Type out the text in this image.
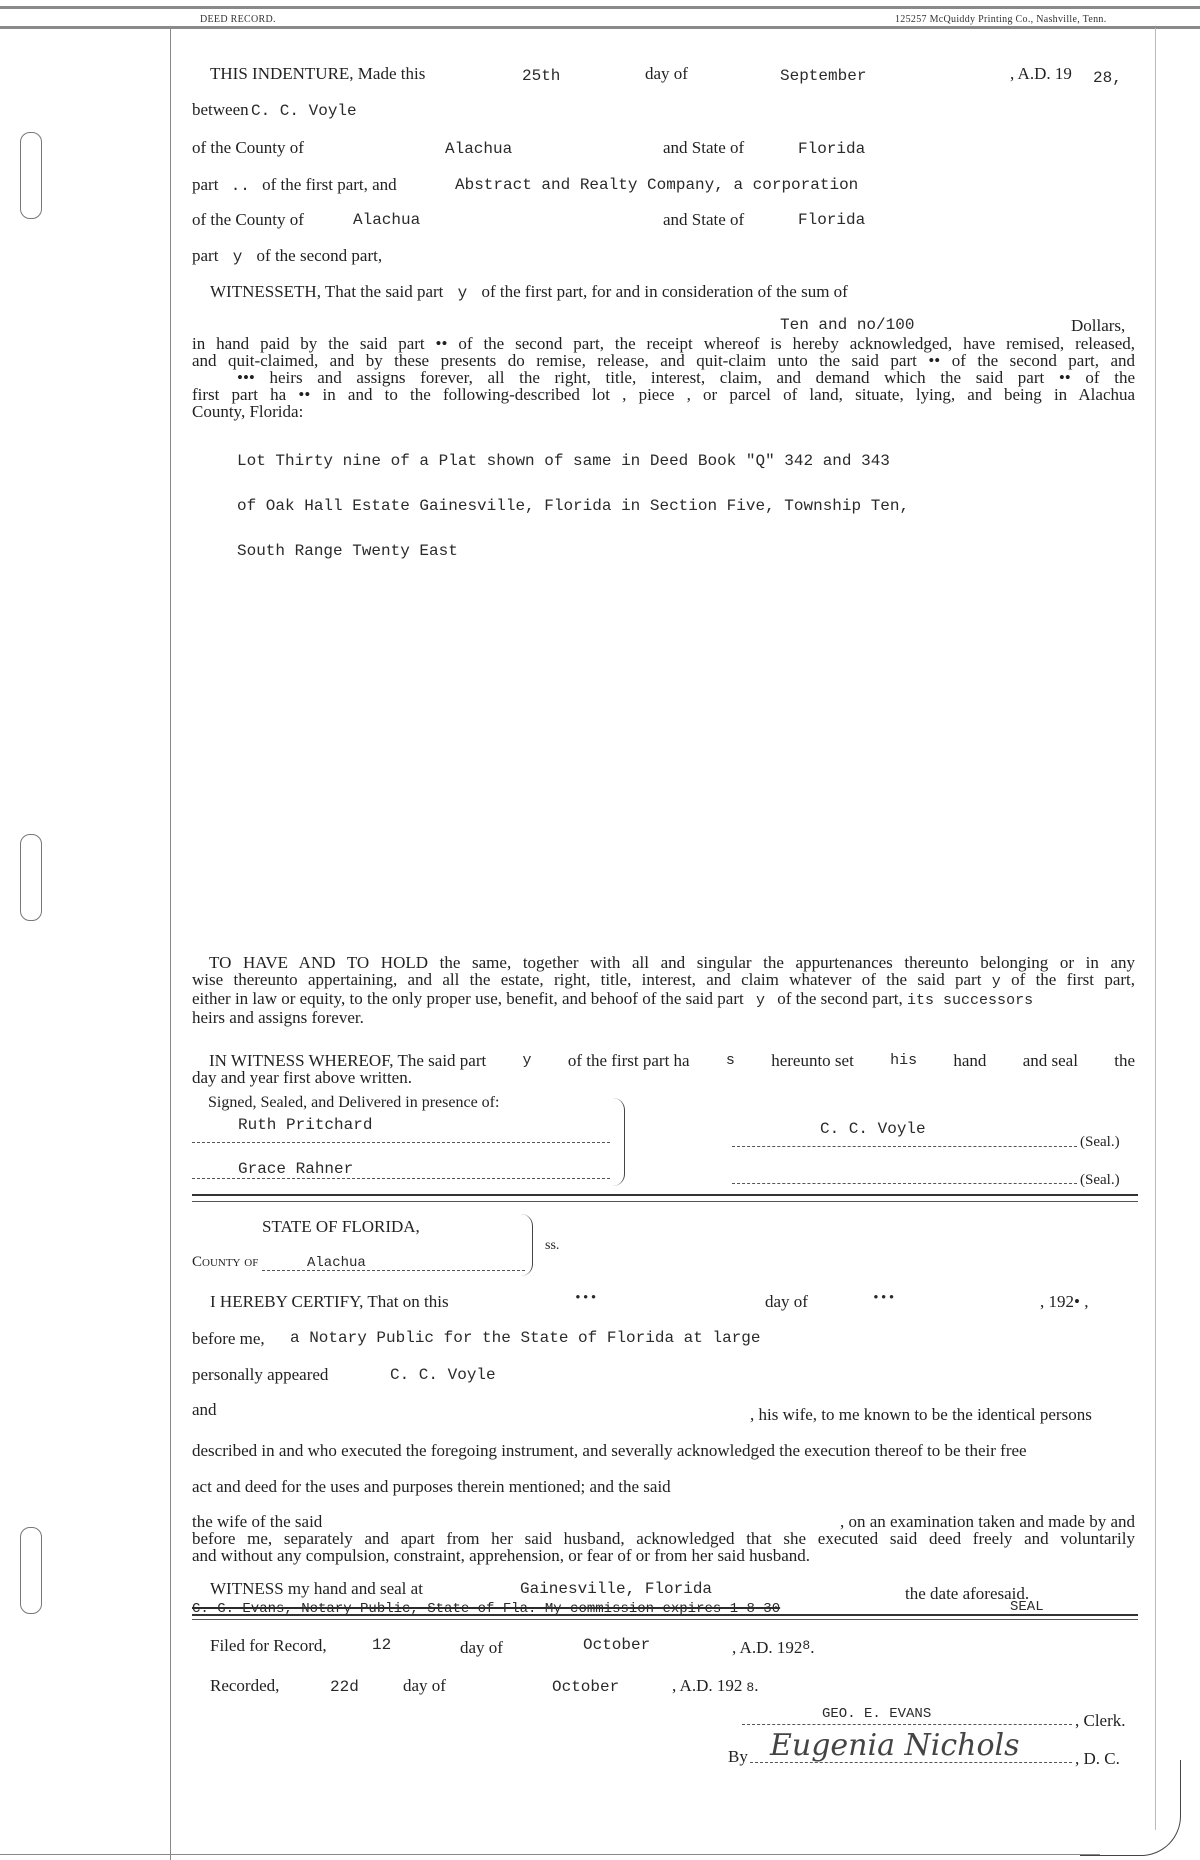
DEED RECORD.	125257 McQuiddy Printing Co., Nashville, Tenn.
THIS INDENTURE, Made this	25th	day of	September	, A.D. 19 28,
between C. C. Voyle
of the County of	Alachua	and State of	Florida
part .. of the first part, and	Abstract and Realty Company, a corporation
of the County of	Alachua	and State of	Florida
part y of the second part,
WITNESSETH, That the said part y of the first part, for and in consideration of the sum of
Ten and no/100	Dollars,
in hand paid by the said part •• of the second part, the receipt whereof is hereby acknowledged, have remised, released,
and quit-claimed, and by these presents do remise, release, and quit-claim unto the said part •• of the second part, and
••• heirs and assigns forever, all the right, title, interest, claim, and demand which the said part •• of the
first part ha •• in and to the following-described lot , piece , or parcel of land, situate, lying, and being in Alachua
County, Florida:
Lot Thirty nine of a Plat shown of same in Deed Book "Q" 342 and 343
of Oak Hall Estate Gainesville, Florida in Section Five, Township Ten,
South Range Twenty East
TO HAVE AND TO HOLD the same, together with all and singular the appurtenances thereunto belonging or in any
wise thereunto appertaining, and all the estate, right, title, interest, and claim whatever of the said part y of the first part,
either in law or equity, to the only proper use, benefit, and behoof of the said part y of the second part, its successors
heirs and assigns forever.
IN WITNESS WHEREOF, The said part y of the first part ha s hereunto set his hand and seal the
day and year first above written.
Signed, Sealed, and Delivered in presence of:
Ruth Pritchard
Grace Rahner
C. C. Voyle
(Seal.)
(Seal.)
STATE OF FLORIDA,
County of	Alachua
ss.
I HEREBY CERTIFY, That on this	•••	day of	•••	, 192• ,
before me, a Notary Public for the State of Florida at large
personally appeared	C. C. Voyle
and	, his wife, to me known to be the identical persons
described in and who executed the foregoing instrument, and severally acknowledged the execution thereof to be their free
act and deed for the uses and purposes therein mentioned; and the said
the wife of the said	, on an examination taken and made by and
before me, separately and apart from her said husband, acknowledged that she executed said deed freely and voluntarily
and without any compulsion, constraint, apprehension, or fear of or from her said husband.
WITNESS my hand and seal at	Gainesville, Florida	the date aforesaid.
C. G. Evans, Notary Public, State of Fla. My commission expires 1-8-30	SEAL
Filed for Record,	12	day of	October	, A.D. $192^8$.
Recorded,	22d	day of	October	, A.D. 192 8.
GEO. E. EVANS	, Clerk.
By Eugenia Nichols	, D. C.
